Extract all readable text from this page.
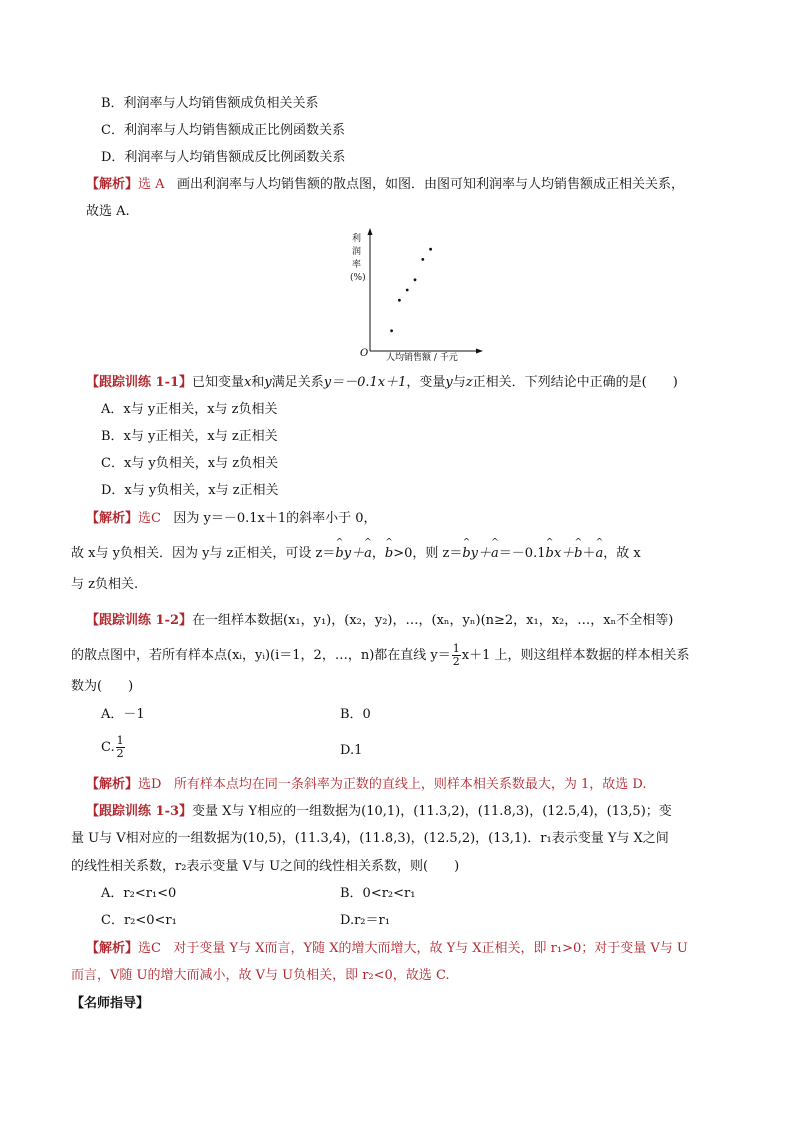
B．利润率与人均销售额成负相关关系
C．利润率与人均销售额成正比例函数关系
D．利润率与人均销售额成反比例函数关系
【解析】选 A 画出利润率与人均销售额的散点图，如图．由图可知利润率与人均销售额成正相关关系，
故选 A.
利
润
率
(%)
O 人均销售额 / 千元
【跟踪训练 1-1】已知变量x和y满足关系y＝－0.1x＋1，变量y与z正相关．下列结论中正确的是(　　)
A．x与 y正相关，x与 z负相关
B．x与 y正相关，x与 z正相关
C．x与 y负相关，x与 z负相关
D．x与 y负相关，x与 z正相关
【解析】选C 因为 y＝－0.1x＋1的斜率小于 0，
故 x与 y负相关．因为 y与 z正相关，可设 z＝^ by＋^ a，^ b>0，则 z＝^ by＋^ a＝－0.1^ bx＋^ b＋^ a，故 x
与 z负相关.
【跟踪训练 1-2】在一组样本数据(x₁，y₁)，(x₂，y₂)，…，(xₙ，yₙ)(n≥2，x₁，x₂，…，xₙ不全相等)
的散点图中，若所有样本点(xᵢ，yᵢ)(i＝1，2，…，n)都在直线 $y= \frac{1}{2} x+1$ 上，则这组样本数据的样本相关系
数为(　　)
A．－1	B．0
C. $\frac{1}{2}$	D.1
【解析】选D 所有样本点均在同一条斜率为正数的直线上，则样本相关系数最大，为 1，故选 D.
【跟踪训练 1-3】变量 X与 Y相应的一组数据为(10,1)，(11.3,2)，(11.8,3)，(12.5,4)，(13,5)；变
量 U与 V相对应的一组数据为(10,5)，(11.3,4)，(11.8,3)，(12.5,2)，(13,1)．r₁表示变量 Y与 X之间
的线性相关系数，r₂表示变量 V与 U之间的线性相关系数，则(　　)
A．r₂<r₁<0	B．0<r₂<r₁
C．r₂<0<r₁	D.r₂＝r₁
【解析】选C 对于变量 Y与 X而言，Y随 X的增大而增大，故 Y与 X正相关，即 r₁>0；对于变量 V与 U
而言，V随 U的增大而减小，故 V与 U负相关，即 r₂<0，故选 C.
【名师指导】
